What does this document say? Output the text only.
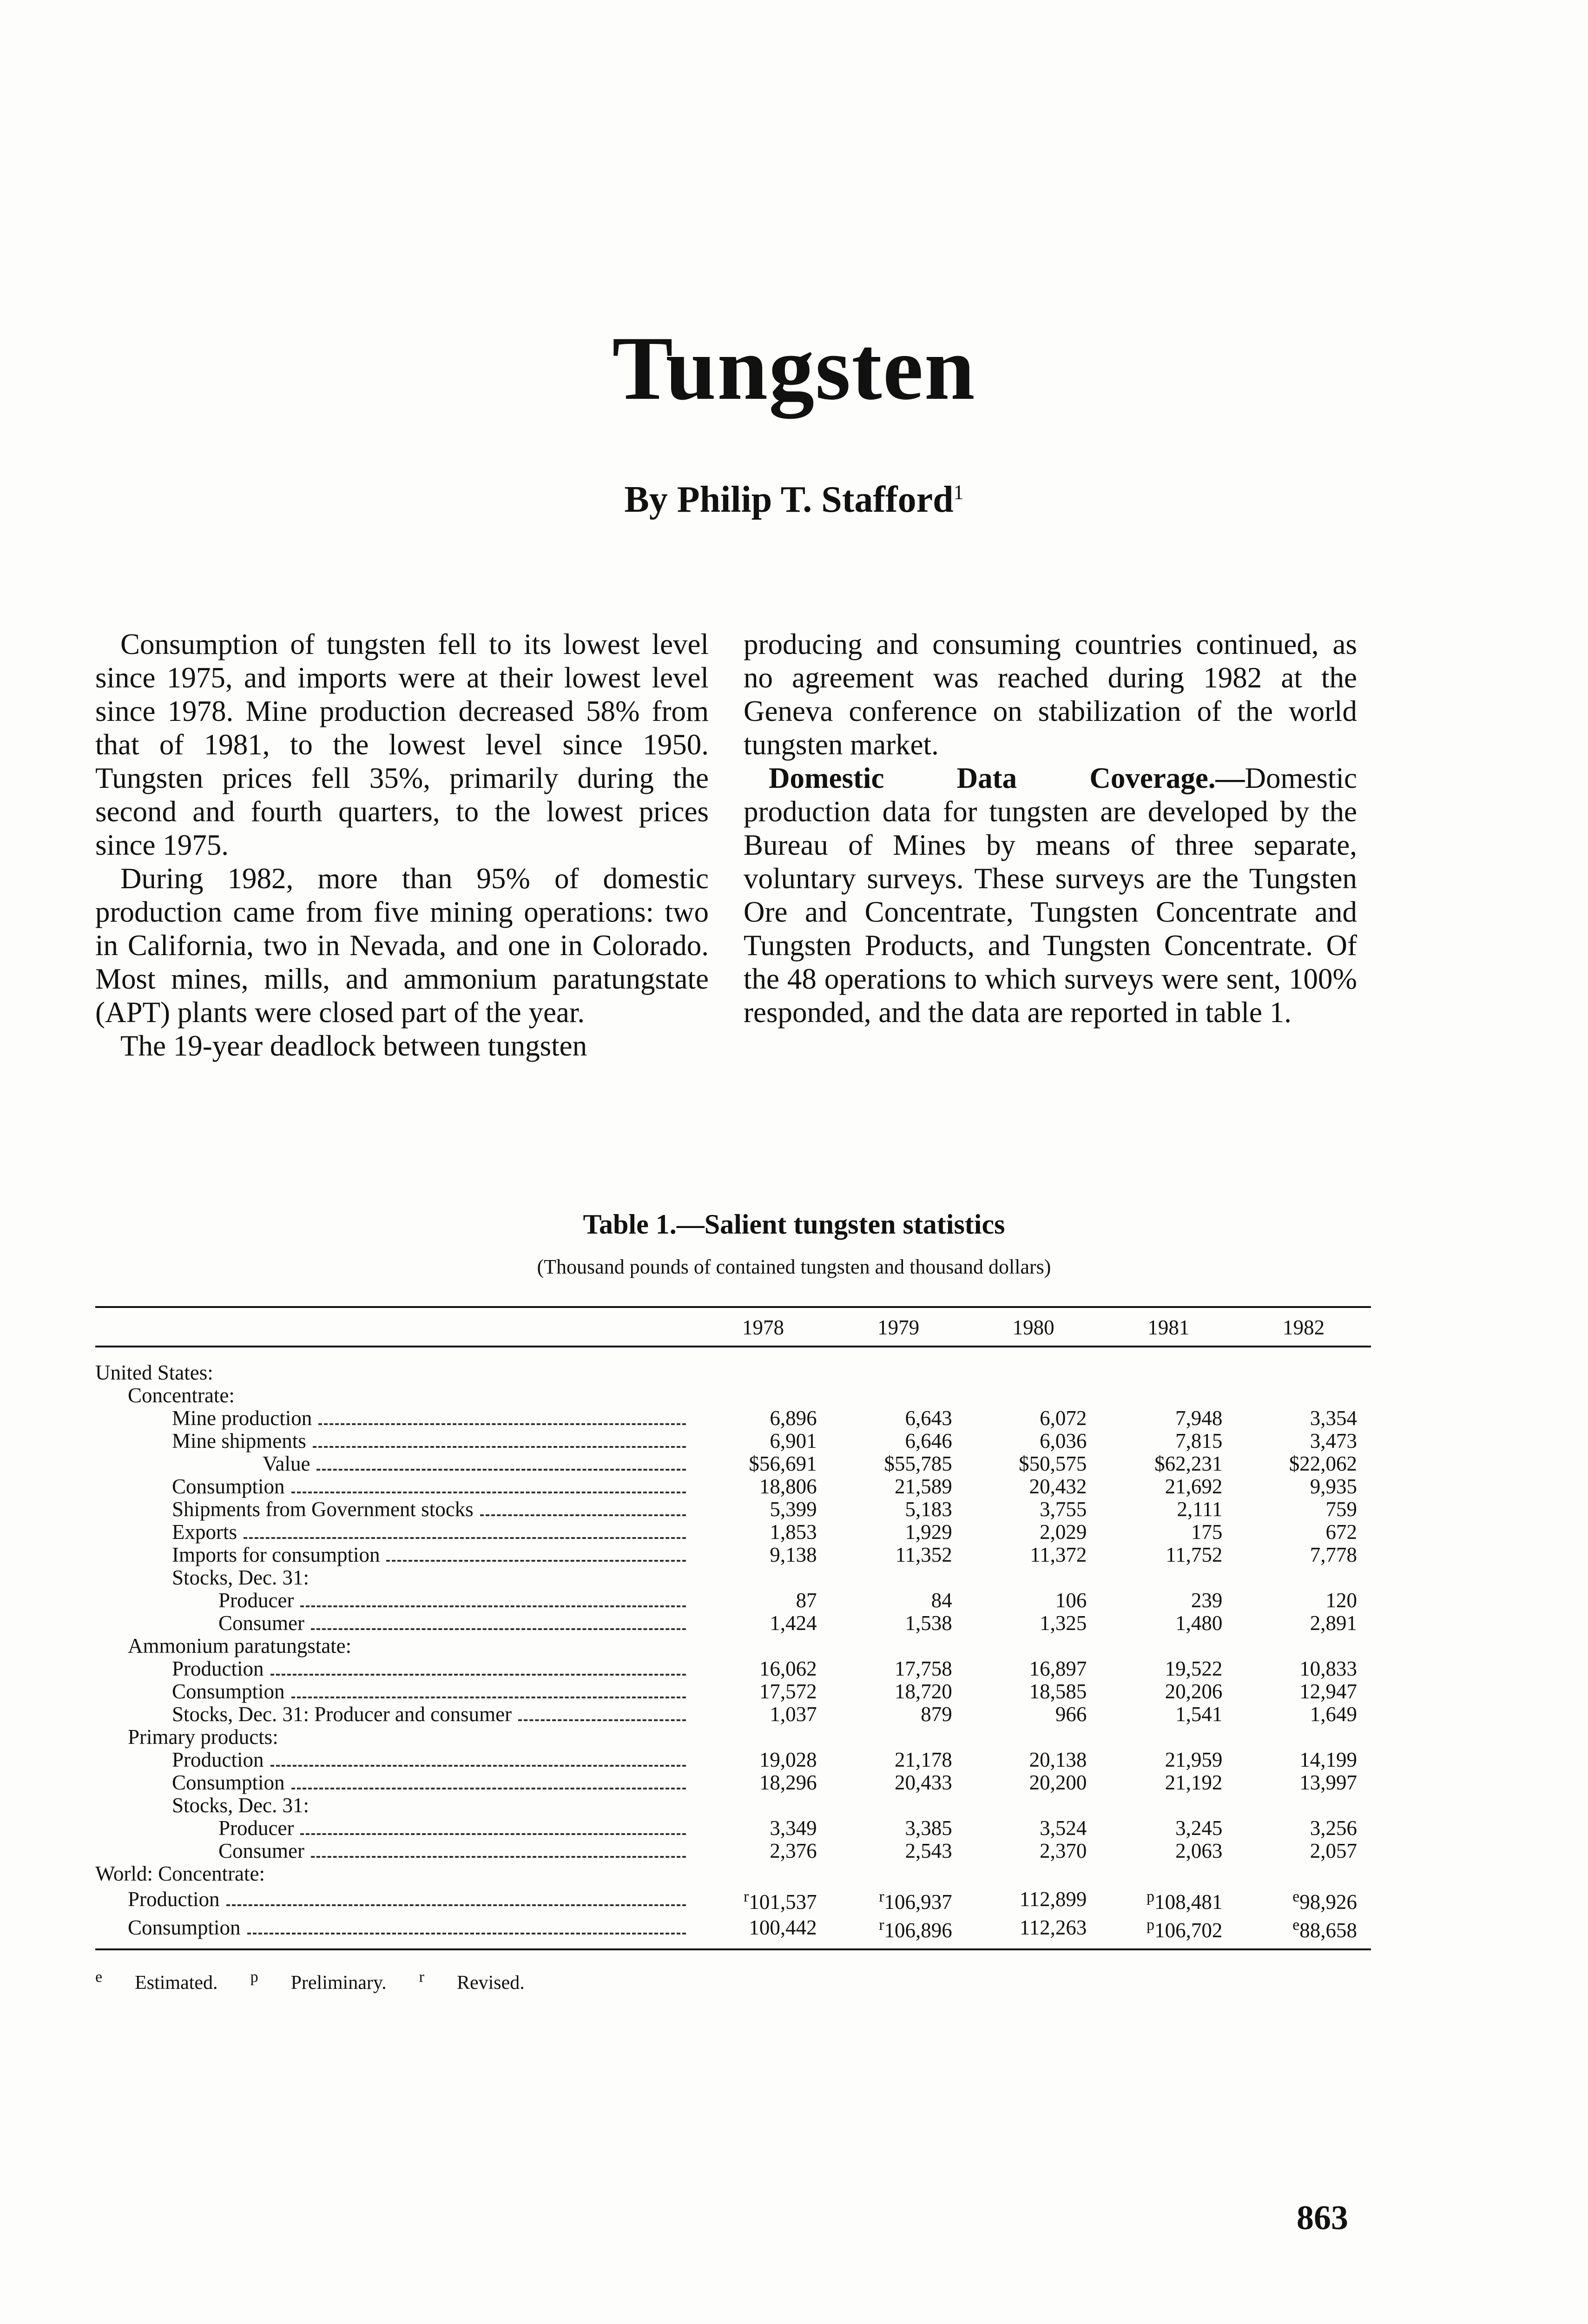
Tungsten

By Philip T. Stafford$^1$

Consumption of tungsten fell to its lowest level since 1975, and imports were at their lowest level since 1978. Mine production decreased 58% from that of 1981, to the lowest level since 1950. Tungsten prices fell 35%, primarily during the second and fourth quarters, to the lowest prices since 1975.

During 1982, more than 95% of domestic production came from five mining operations: two in California, two in Nevada, and one in Colorado. Most mines, mills, and ammonium paratungstate (APT) plants were closed part of the year.

The 19-year deadlock between tungsten

producing and consuming countries continued, as no agreement was reached during 1982 at the Geneva conference on stabilization of the world tungsten market.

Domestic Data Coverage.—Domestic production data for tungsten are developed by the Bureau of Mines by means of three separate, voluntary surveys. These surveys are the Tungsten Ore and Concentrate, Tungsten Concentrate and Tungsten Products, and Tungsten Concentrate. Of the 48 operations to which surveys were sent, 100% responded, and the data are reported in table 1.

Table 1.—Salient tungsten statistics

(Thousand pounds of contained tungsten and thousand dollars)

	1978	1979	1980	1981	1982

United States:					

Concentrate:					

Mine production	6,896	6,643	6,072	7,948	3,354

Mine shipments	6,901	6,646	6,036	7,815	3,473

Value	$56,691	$55,785	$50,575	$62,231	$22,062

Consumption	18,806	21,589	20,432	21,692	9,935

Shipments from Government stocks	5,399	5,183	3,755	2,111	759

Exports	1,853	1,929	2,029	175	672

Imports for consumption	9,138	11,352	11,372	11,752	7,778

Stocks, Dec. 31:					

Producer	87	84	106	239	120

Consumer	1,424	1,538	1,325	1,480	2,891

Ammonium paratungstate:					

Production	16,062	17,758	16,897	19,522	10,833

Consumption	17,572	18,720	18,585	20,206	12,947

Stocks, Dec. 31: Producer and consumer	1,037	879	966	1,541	1,649

Primary products:					

Production	19,028	21,178	20,138	21,959	14,199

Consumption	18,296	20,433	20,200	21,192	13,997

Stocks, Dec. 31:					

Producer	3,349	3,385	3,524	3,245	3,256

Consumer	2,376	2,543	2,370	2,063	2,057

World: Concentrate:					

Production	$^r$101,537	$^r$106,937	112,899	$^p$108,481	$^e$98,926

Consumption	100,442	$^r$106,896	112,263	$^p$106,702	$^e$88,658

$^e$ Estimated. $^p$ Preliminary. $^r$ Revised.

863
